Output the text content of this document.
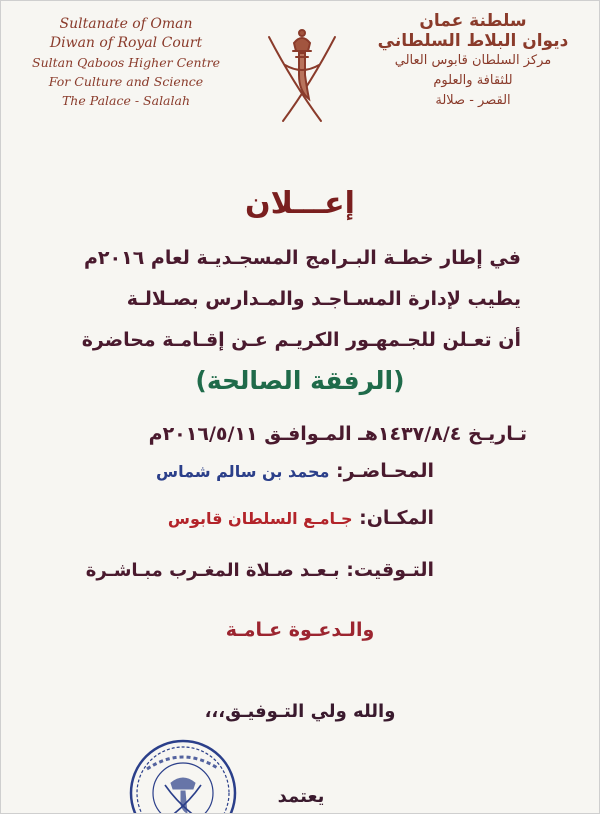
Sultanate of Oman
Diwan of Royal Court
Sultan Qaboos Higher Centre
For Culture and Science
The Palace - Salalah
سلطنة عمان
ديوان البلاط السلطاني
مركز السلطان قابوس العالي
للثقافة والعلوم
القصر - صلالة
إعـــلان
في إطار خطـة البـرامج المسجـديـة لعام ٢٠١٦م
يطيب لإدارة المسـاجـد والمـدارس بصـلالـة
أن تعـلن للجـمهـور الكريـم عـن إقـامـة محاضرة
(الرفقة الصالحة)
تـاريـخ ١٤٣٧/٨/٤هـ المـوافـق ٢٠١٦/٥/١١م
المحـاضـر: محمد بن سالم شماس
المكـان: جـامـع السلطان قابوس
التـوقيت: بـعـد صـلاة المغـرب مبـاشـرة
والـدعـوة عـامـة
والله ولي التـوفيـق،،،
يعتمد
